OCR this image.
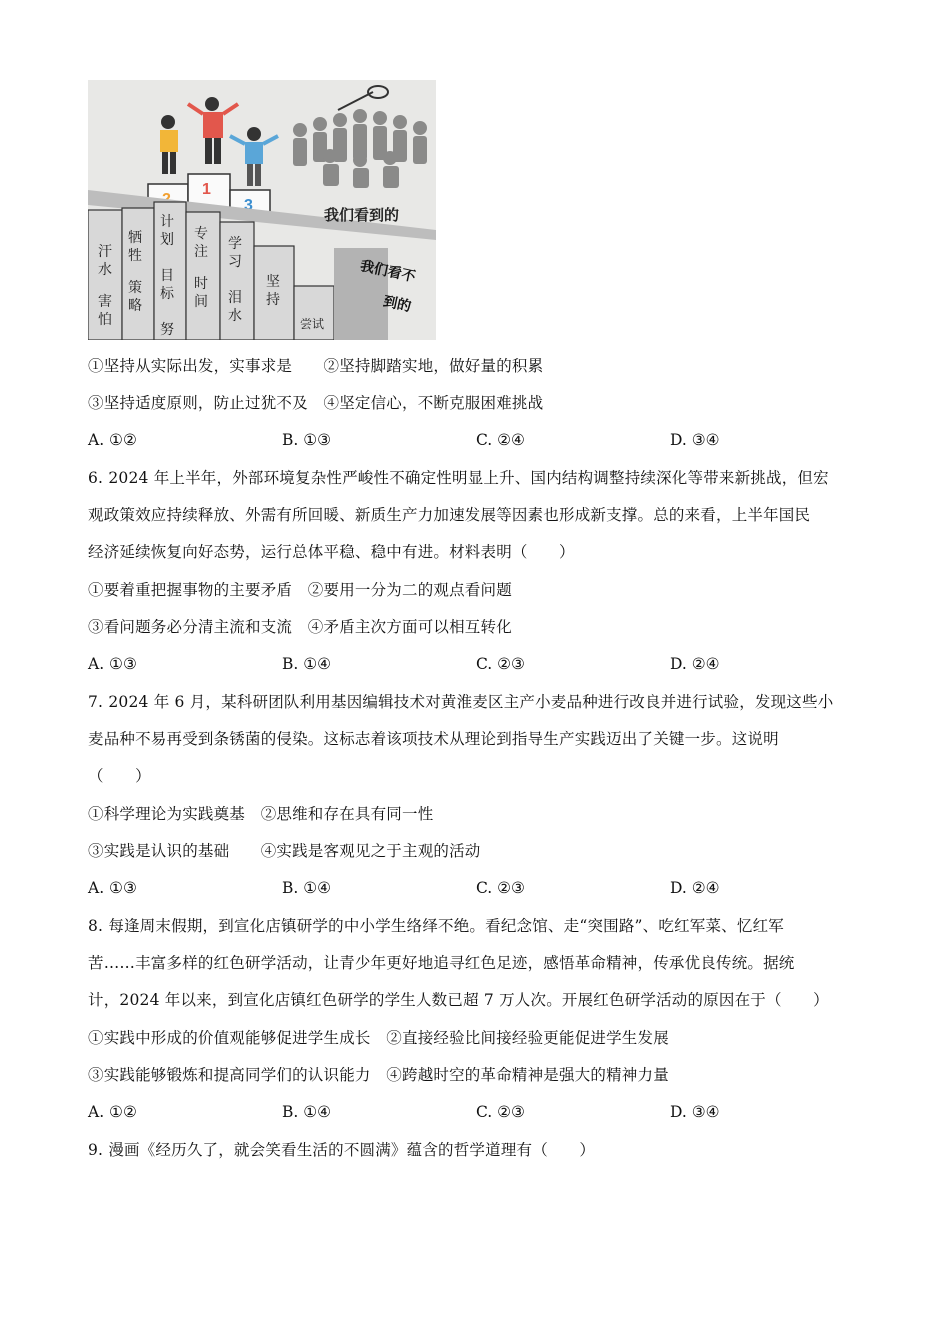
1
3
我们看到的
汗
水
害
怕
牺
牲
策
略
计
划
目
标
努
专
注
时
间
学
习
泪
水
坚
持
尝试
我们看不
到的
①坚持从实际出发，实事求是　　②坚持脚踏实地，做好量的积累
③坚持适度原则，防止过犹不及　④坚定信心，不断克服困难挑战
A. ①②	B. ①③	C. ②④	D. ③④
6. 2024 年上半年，外部环境复杂性严峻性不确定性明显上升、国内结构调整持续深化等带来新挑战，但宏
观政策效应持续释放、外需有所回暖、新质生产力加速发展等因素也形成新支撑。总的来看，上半年国民
经济延续恢复向好态势，运行总体平稳、稳中有进。材料表明（　　）
①要着重把握事物的主要矛盾　②要用一分为二的观点看问题
③看问题务必分清主流和支流　④矛盾主次方面可以相互转化
A. ①③	B. ①④	C. ②③	D. ②④
7. 2024 年 6 月，某科研团队利用基因编辑技术对黄淮麦区主产小麦品种进行改良并进行试验，发现这些小
麦品种不易再受到条锈菌的侵染。这标志着该项技术从理论到指导生产实践迈出了关键一步。这说明
（　　）
①科学理论为实践奠基　②思维和存在具有同一性
③实践是认识的基础　　④实践是客观见之于主观的活动
A. ①③	B. ①④	C. ②③	D. ②④
8. 每逢周末假期，到宣化店镇研学的中小学生络绎不绝。看纪念馆、走“突围路”、吃红军菜、忆红军
苦……丰富多样的红色研学活动，让青少年更好地追寻红色足迹，感悟革命精神，传承优良传统。据统
计，2024 年以来，到宣化店镇红色研学的学生人数已超 7 万人次。开展红色研学活动的原因在于（　　）
①实践中形成的价值观能够促进学生成长　②直接经验比间接经验更能促进学生发展
③实践能够锻炼和提高同学们的认识能力　④跨越时空的革命精神是强大的精神力量
A. ①②	B. ①④	C. ②③	D. ③④
9. 漫画《经历久了，就会笑看生活的不圆满》蕴含的哲学道理有（　　）
